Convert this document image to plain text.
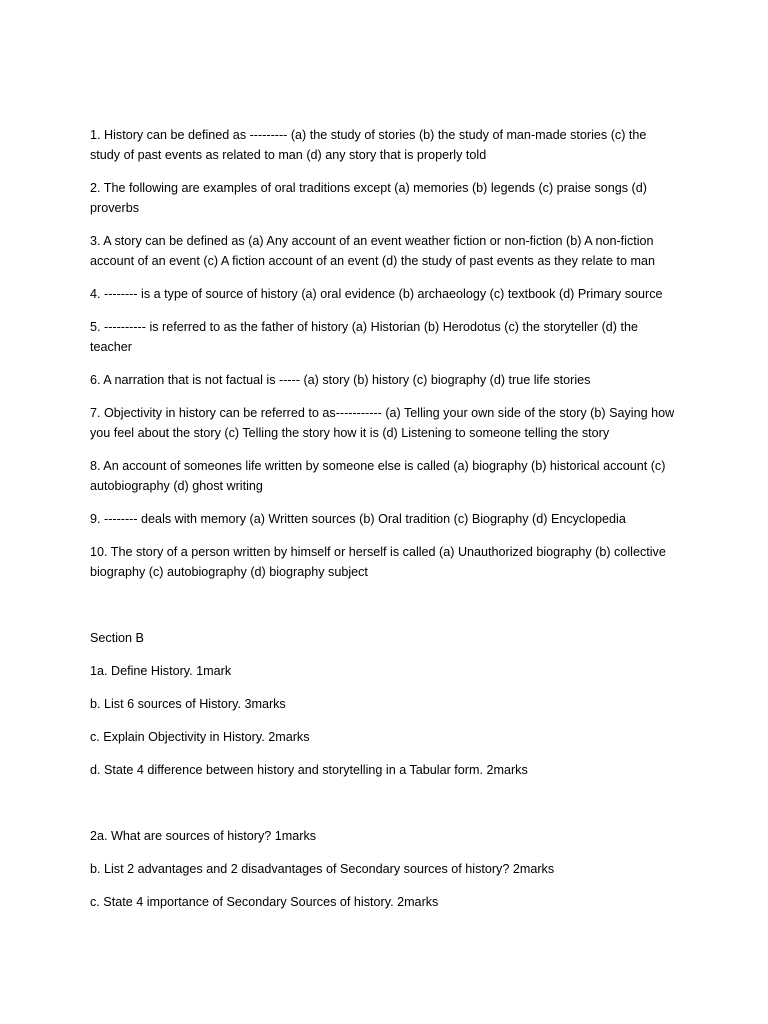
1. History can be defined as --------- (a) the study of stories (b) the study of man-made stories (c) the study of past events as related to man (d) any story that is properly told

2. The following are examples of oral traditions except (a) memories (b) legends (c) praise songs (d) proverbs

3. A story can be defined as (a) Any account of an event weather fiction or non-fiction (b) A non-fiction account of an event (c) A fiction account of an event (d) the study of past events as they relate to man

4. -------- is a type of source of history (a) oral evidence (b) archaeology (c) textbook (d) Primary source

5. ---------- is referred to as the father of history (a) Historian (b) Herodotus (c) the storyteller (d) the teacher

6. A narration that is not factual is ----- (a) story (b) history (c) biography (d) true life stories

7. Objectivity in history can be referred to as----------- (a) Telling your own side of the story (b) Saying how you feel about the story (c) Telling the story how it is (d) Listening to someone telling the story

8. An account of someones life written by someone else is called (a) biography (b) historical account (c) autobiography (d) ghost writing

9. -------- deals with memory (a) Written sources (b) Oral tradition (c) Biography (d) Encyclopedia

10. The story of a person written by himself or herself is called (a) Unauthorized biography (b) collective biography (c) autobiography (d) biography subject

Section B

1a. Define History. 1mark

b. List 6 sources of History. 3marks

c. Explain Objectivity in History. 2marks

d. State 4 difference between history and storytelling in a Tabular form. 2marks

2a. What are sources of history? 1marks

b. List 2 advantages and 2 disadvantages of Secondary sources of history? 2marks

c. State 4 importance of Secondary Sources of history. 2marks
